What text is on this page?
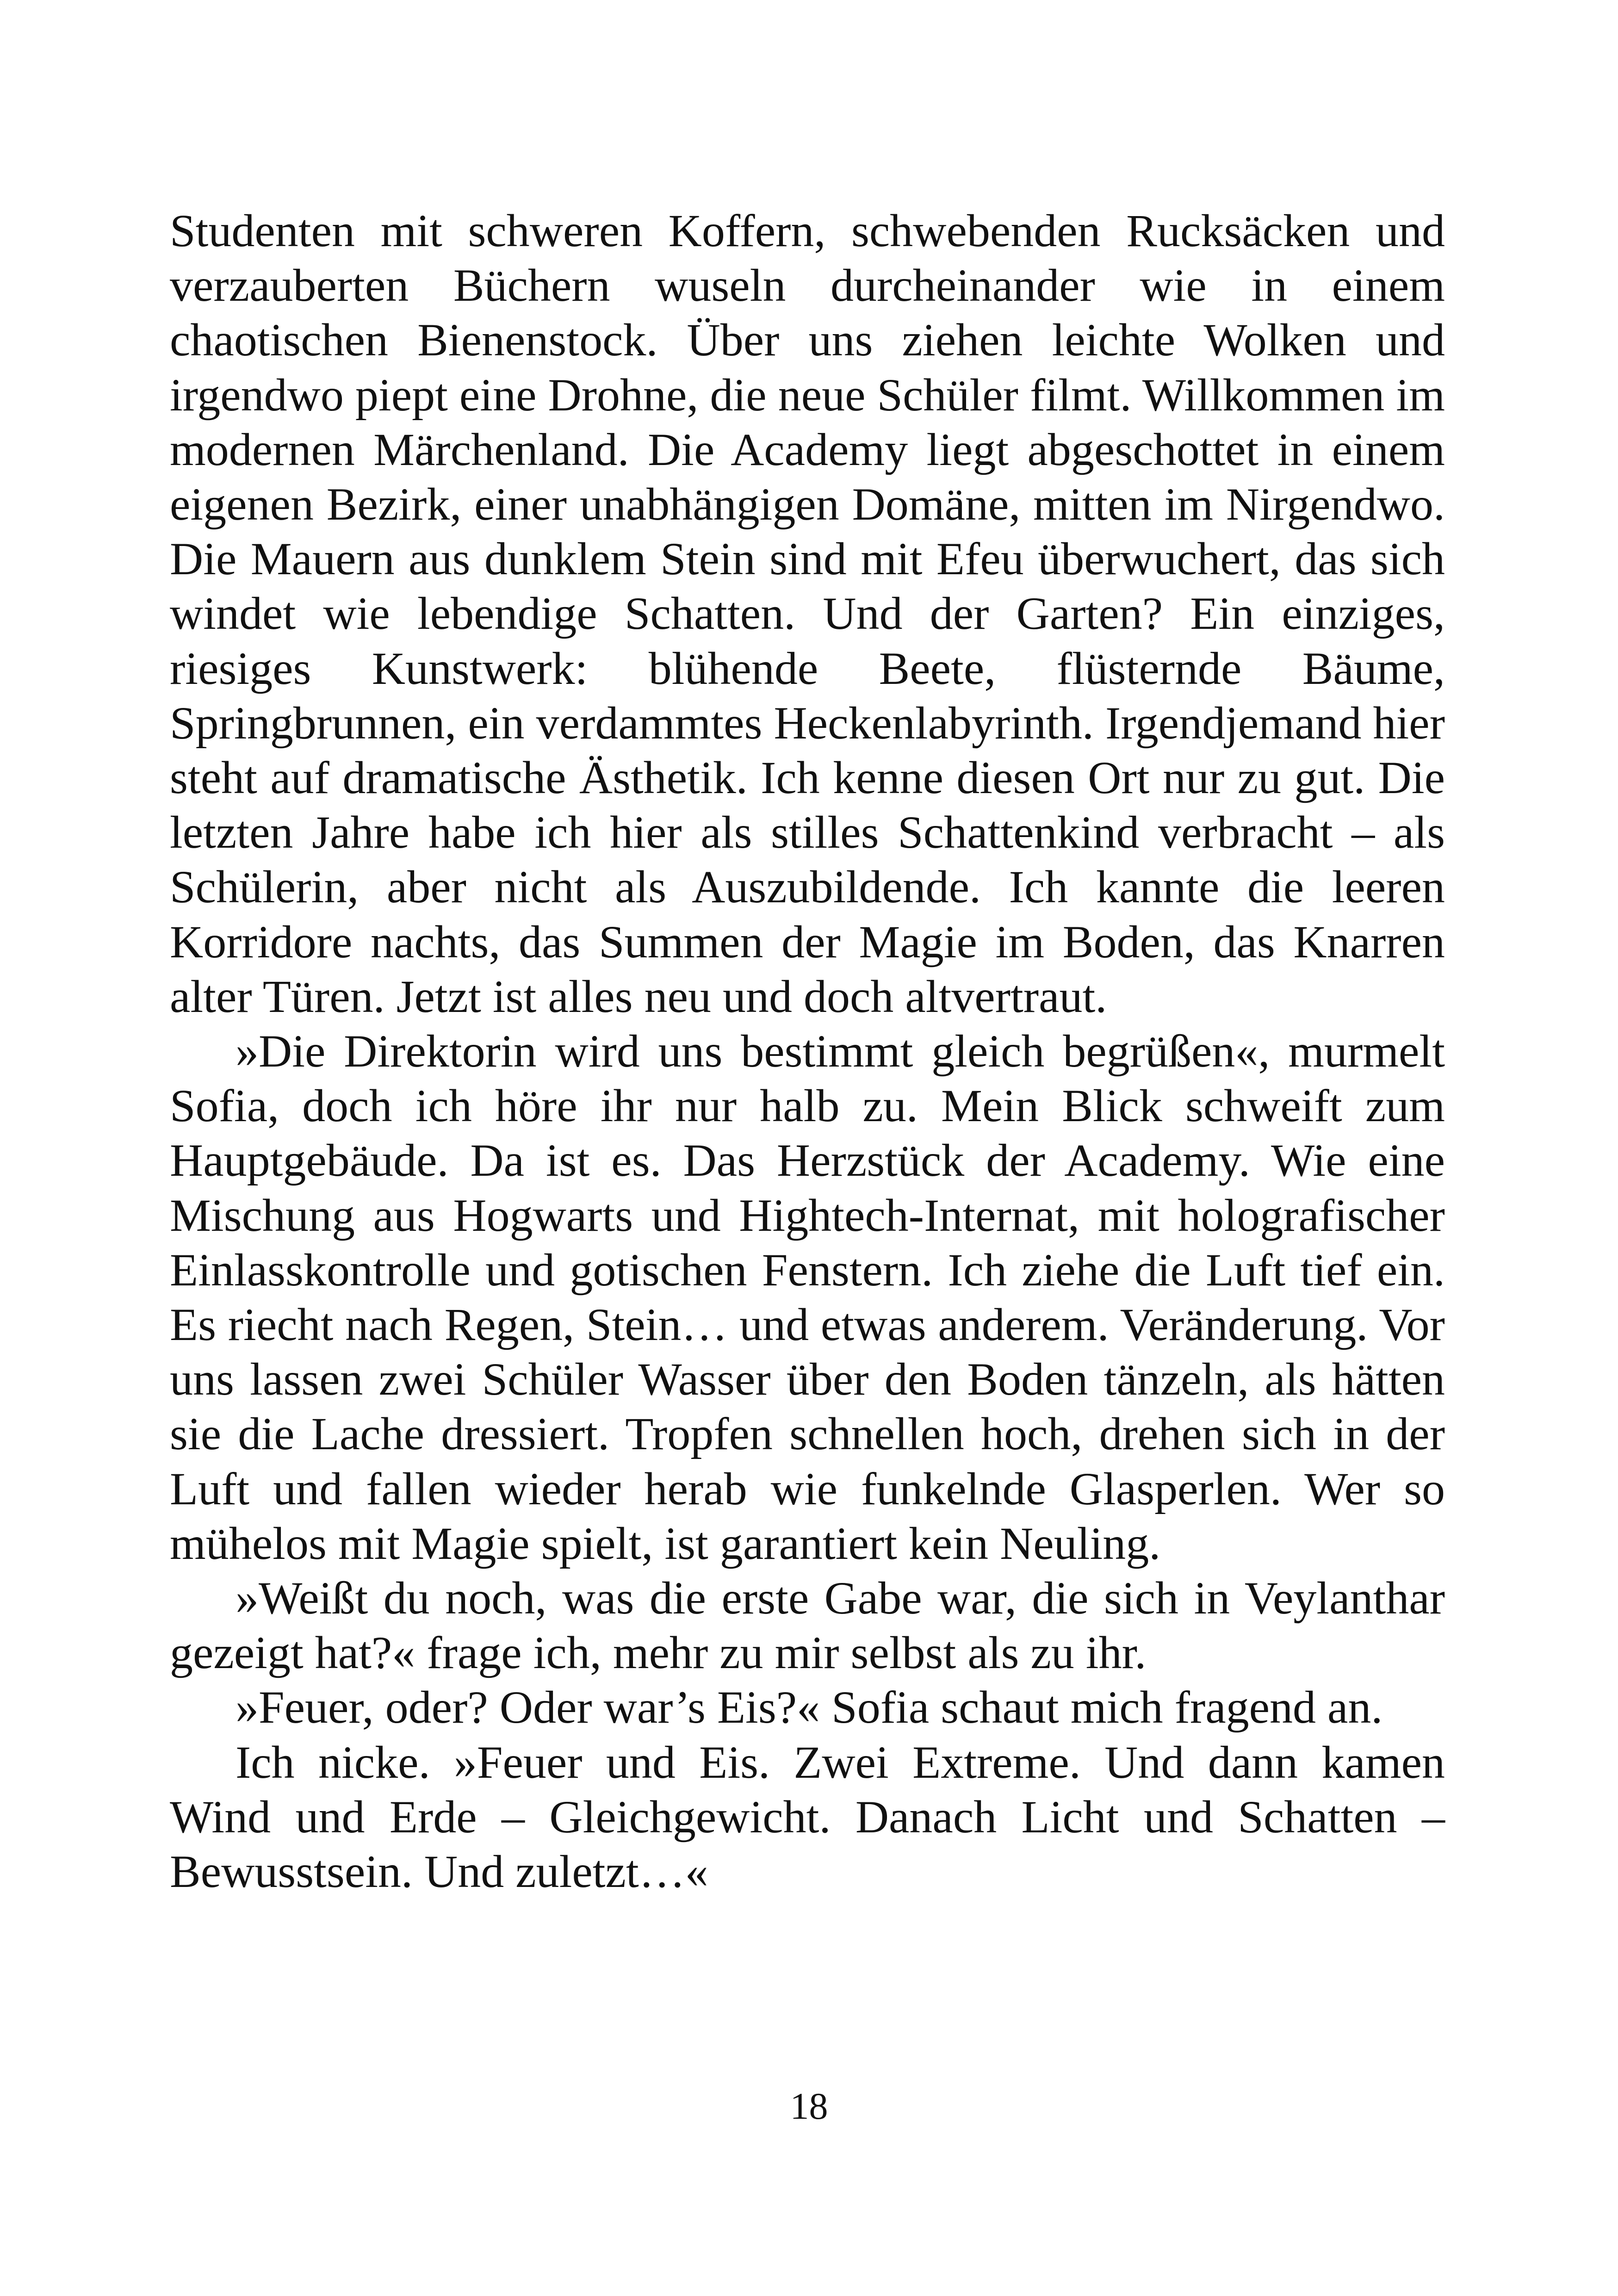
Studenten mit schweren Koffern, schwebenden Rucksäcken und verzauberten Büchern wuseln durcheinander wie in einem chaotischen Bienenstock. Über uns ziehen leichte Wolken und irgendwo piept eine Drohne, die neue Schüler filmt. Willkommen im modernen Märchenland. Die Academy liegt abgeschottet in einem eigenen Bezirk, einer unabhängigen Domäne, mitten im Nirgendwo. Die Mauern aus dunklem Stein sind mit Efeu überwuchert, das sich windet wie lebendige Schatten. Und der Garten? Ein einziges, riesiges Kunstwerk: blühende Beete, flüsternde Bäume, Springbrunnen, ein verdammtes Heckenlabyrinth. Irgendjemand hier steht auf dramatische Ästhetik. Ich kenne diesen Ort nur zu gut. Die letzten Jahre habe ich hier als stilles Schattenkind verbracht – als Schülerin, aber nicht als Auszubildende. Ich kannte die leeren Korridore nachts, das Summen der Magie im Boden, das Knarren alter Türen. Jetzt ist alles neu und doch altvertraut.

»Die Direktorin wird uns bestimmt gleich begrüßen«, murmelt Sofia, doch ich höre ihr nur halb zu. Mein Blick schweift zum Hauptgebäude. Da ist es. Das Herzstück der Academy. Wie eine Mischung aus Hogwarts und Hightech-Internat, mit holografischer Einlasskontrolle und gotischen Fenstern. Ich ziehe die Luft tief ein. Es riecht nach Regen, Stein… und etwas anderem. Veränderung. Vor uns lassen zwei Schüler Wasser über den Boden tänzeln, als hätten sie die Lache dressiert. Tropfen schnellen hoch, drehen sich in der Luft und fallen wieder herab wie funkelnde Glasperlen. Wer so mühelos mit Magie spielt, ist garantiert kein Neuling.

»Weißt du noch, was die erste Gabe war, die sich in Veylanthar gezeigt hat?« frage ich, mehr zu mir selbst als zu ihr.

»Feuer, oder? Oder war’s Eis?« Sofia schaut mich fragend an.

Ich nicke. »Feuer und Eis. Zwei Extreme. Und dann kamen Wind und Erde – Gleichgewicht. Danach Licht und Schatten – Bewusstsein. Und zuletzt…«

18
